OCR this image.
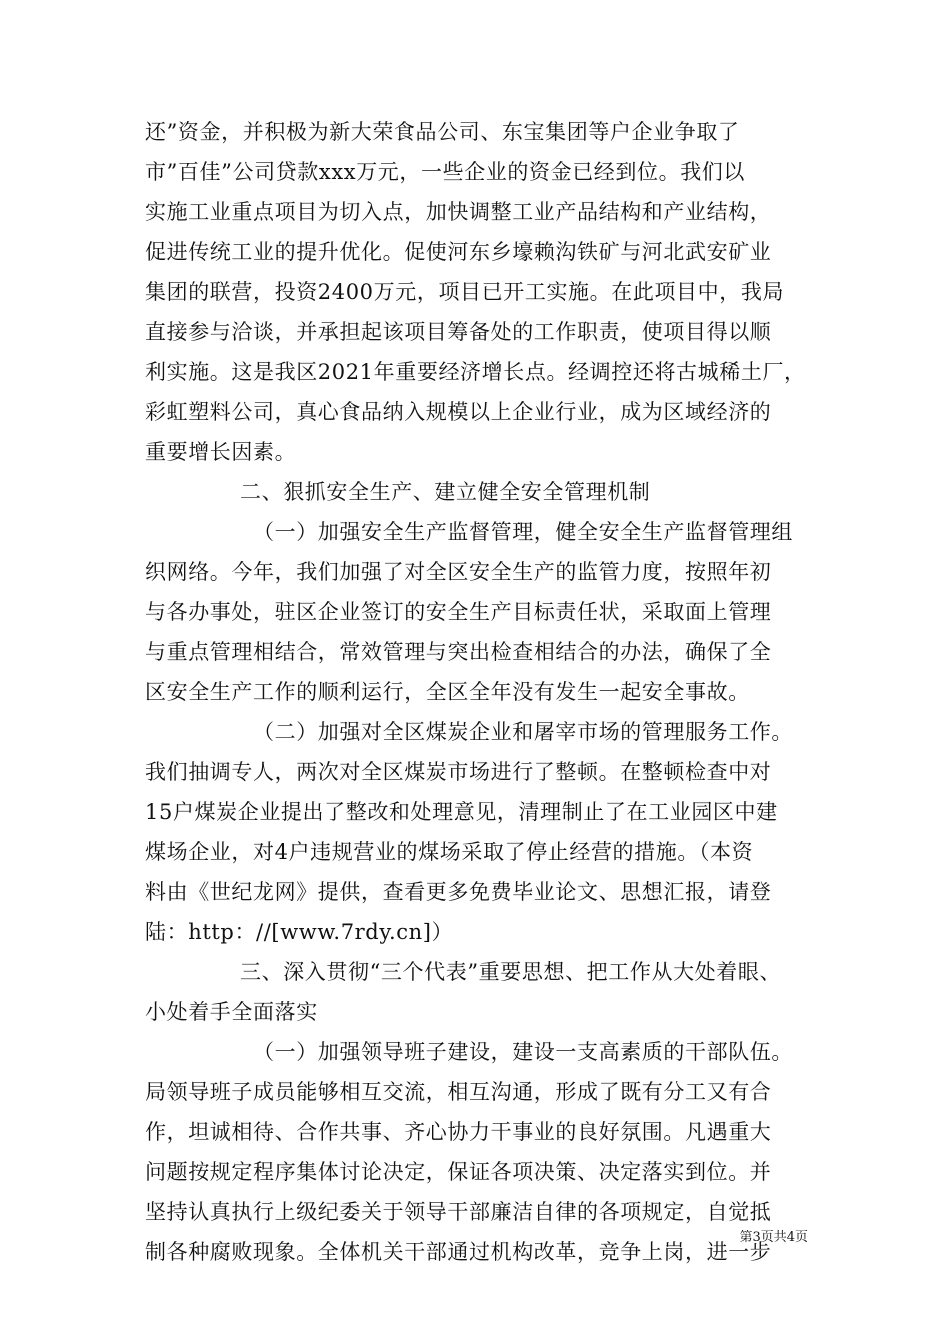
还”资金，并积极为新大荣食品公司、东宝集团等户企业争取了
市”百佳”公司贷款xxx万元，一些企业的资金已经到位。我们以
实施工业重点项目为切入点，加快调整工业产品结构和产业结构，
促进传统工业的提升优化。促使河东乡壕赖沟铁矿与河北武安矿业
集团的联营，投资2400万元，项目已开工实施。在此项目中，我局
直接参与洽谈，并承担起该项目筹备处的工作职责，使项目得以顺
利实施。这是我区2021年重要经济增长点。经调控还将古城稀土厂，
彩虹塑料公司，真心食品纳入规模以上企业行业，成为区域经济的
重要增长因素。
二、狠抓安全生产、建立健全安全管理机制
（一）加强安全生产监督管理，健全安全生产监督管理组
织网络。今年，我们加强了对全区安全生产的监管力度，按照年初
与各办事处，驻区企业签订的安全生产目标责任状，采取面上管理
与重点管理相结合，常效管理与突出检查相结合的办法，确保了全
区安全生产工作的顺利运行，全区全年没有发生一起安全事故。
（二）加强对全区煤炭企业和屠宰市场的管理服务工作。
我们抽调专人，两次对全区煤炭市场进行了整顿。在整顿检查中对
15户煤炭企业提出了整改和处理意见，清理制止了在工业园区中建
煤场企业，对4户违规营业的煤场采取了停止经营的措施。（本资
料由《世纪龙网》提供，查看更多免费毕业论文、思想汇报，请登
陆：http：//[www.7rdy.cn]）
三、深入贯彻“三个代表”重要思想、把工作从大处着眼、
小处着手全面落实
（一）加强领导班子建设，建设一支高素质的干部队伍。
局领导班子成员能够相互交流，相互沟通，形成了既有分工又有合
作，坦诚相待、合作共事、齐心协力干事业的良好氛围。凡遇重大
问题按规定程序集体讨论决定，保证各项决策、决定落实到位。并
坚持认真执行上级纪委关于领导干部廉洁自律的各项规定，自觉抵
制各种腐败现象。全体机关干部通过机构改革，竞争上岗，进一步
第3页共4页
